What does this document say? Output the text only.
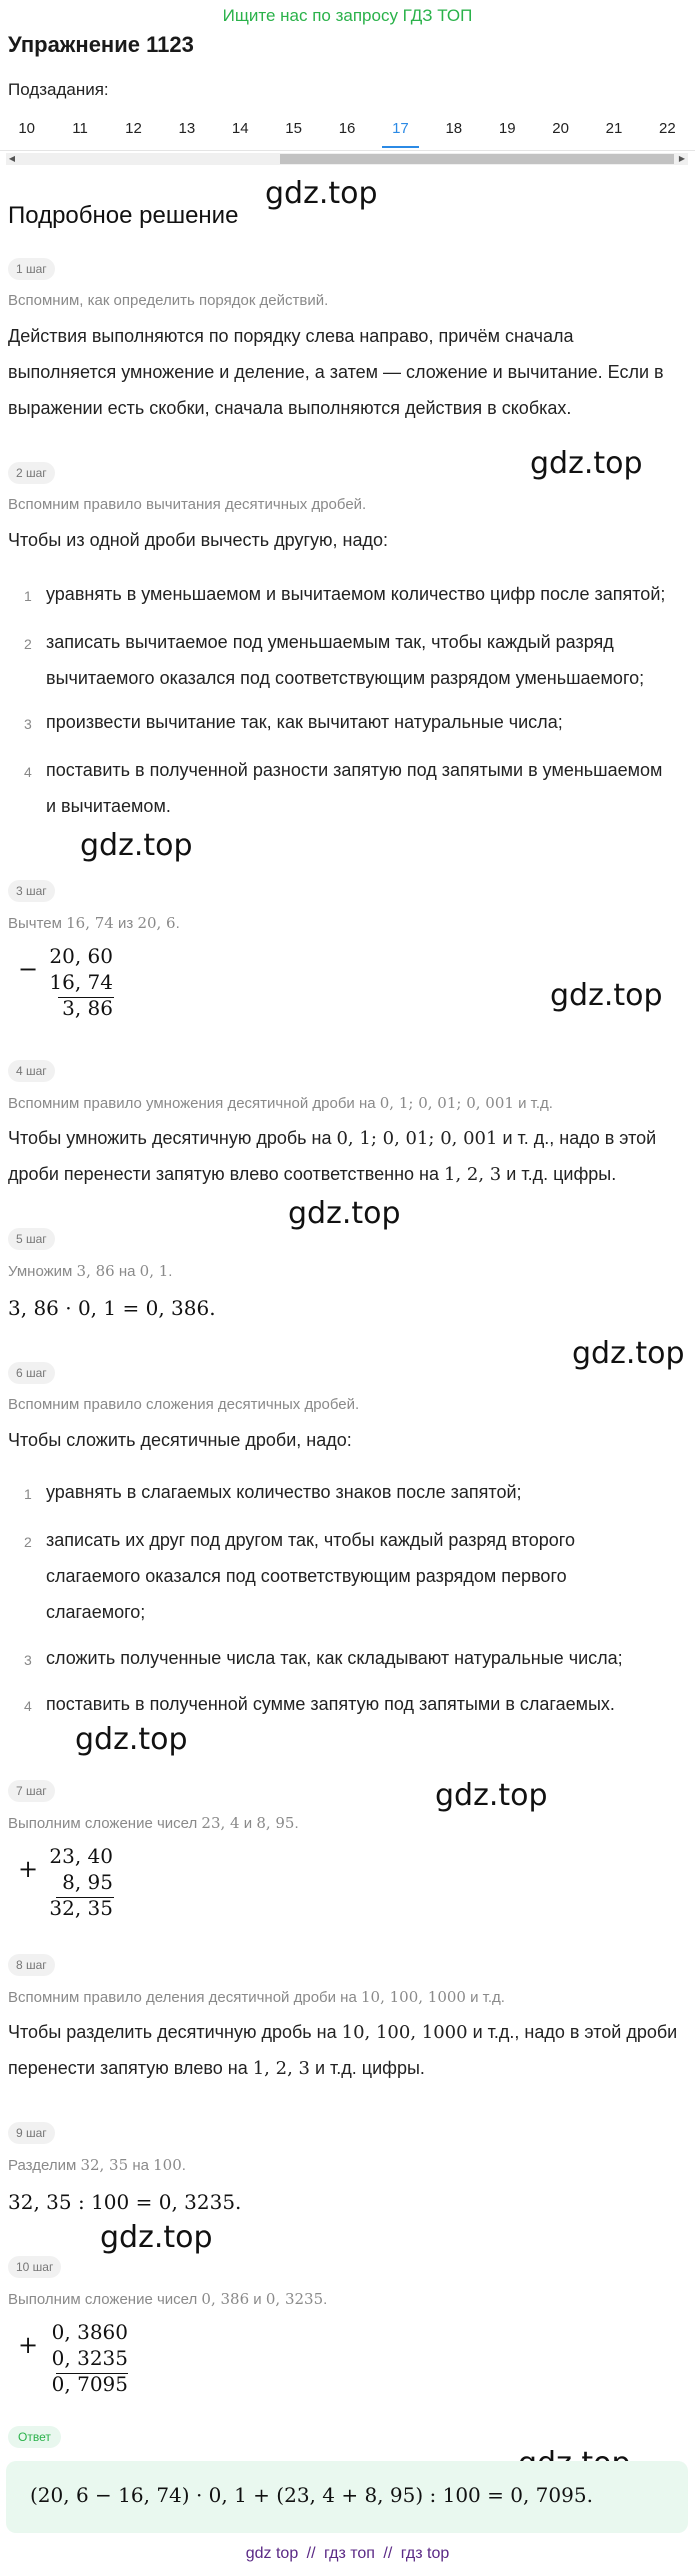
Ищите нас по запросу ГДЗ ТОП
Упражнение 1123
Подзадания:
10	11	12	13	14	15	16	17	18	19	20	21	22
◀	▶
Подробное решение
gdz.top
gdz.top
gdz.top
gdz.top
gdz.top
gdz.top
gdz.top
gdz.top
gdz.top
1 шаг
Вспомним, как определить порядок действий.
Действия выполняются по порядку слева направо, причём сначала
выполняется умножение и деление, а затем — сложение и вычитание. Если в
выражении есть скобки, сначала выполняются действия в скобках.
2 шаг
Вспомним правило вычитания десятичных дробей.
Чтобы из одной дроби вычесть другую, надо:
1 уравнять в уменьшаемом и вычитаемом количество цифр после запятой;
2 записать вычитаемое под уменьшаемым так, чтобы каждый разряд
вычитаемого оказался под соответствующим разрядом уменьшаемого;
3 произвести вычитание так, как вычитают натуральные числа;
4 поставить в полученной разности запятую под запятыми в уменьшаемом
и вычитаемом.
3 шаг
Вычтем 16, 74 из 20, 6.
− 20, 60
16, 74
3, 86
4 шаг
Вспомним правило умножения десятичной дроби на 0, 1; 0, 01; 0, 001 и т.д.
Чтобы умножить десятичную дробь на 0, 1; 0, 01; 0, 001 и т. д., надо в этой
дроби перенести запятую влево соответственно на 1, 2, 3 и т.д. цифры.
5 шаг
Умножим 3, 86 на 0, 1.
3, 86 · 0, 1 = 0, 386.
6 шаг
Вспомним правило сложения десятичных дробей.
Чтобы сложить десятичные дроби, надо:
1 уравнять в слагаемых количество знаков после запятой;
2 записать их друг под другом так, чтобы каждый разряд второго
слагаемого оказался под соответствующим разрядом первого
слагаемого;
3 сложить полученные числа так, как складывают натуральные числа;
4 поставить в полученной сумме запятую под запятыми в слагаемых.
7 шаг
Выполним сложение чисел 23, 4 и 8, 95.
+ 23, 40
8, 95
32, 35
8 шаг
Вспомним правило деления десятичной дроби на 10, 100, 1000 и т.д.
Чтобы разделить десятичную дробь на 10, 100, 1000 и т.д., надо в этой дроби
перенести запятую влево на 1, 2, 3 и т.д. цифры.
9 шаг
Разделим 32, 35 на 100.
32, 35 : 100 = 0, 3235.
10 шаг
Выполним сложение чисел 0, 386 и 0, 3235.
+ 0, 3860
0, 3235
0, 7095
Ответ
(20, 6 − 16, 74) · 0, 1 + (23, 4 + 8, 95) : 100 = 0, 7095.
gdz top // гдз топ // гдз top
